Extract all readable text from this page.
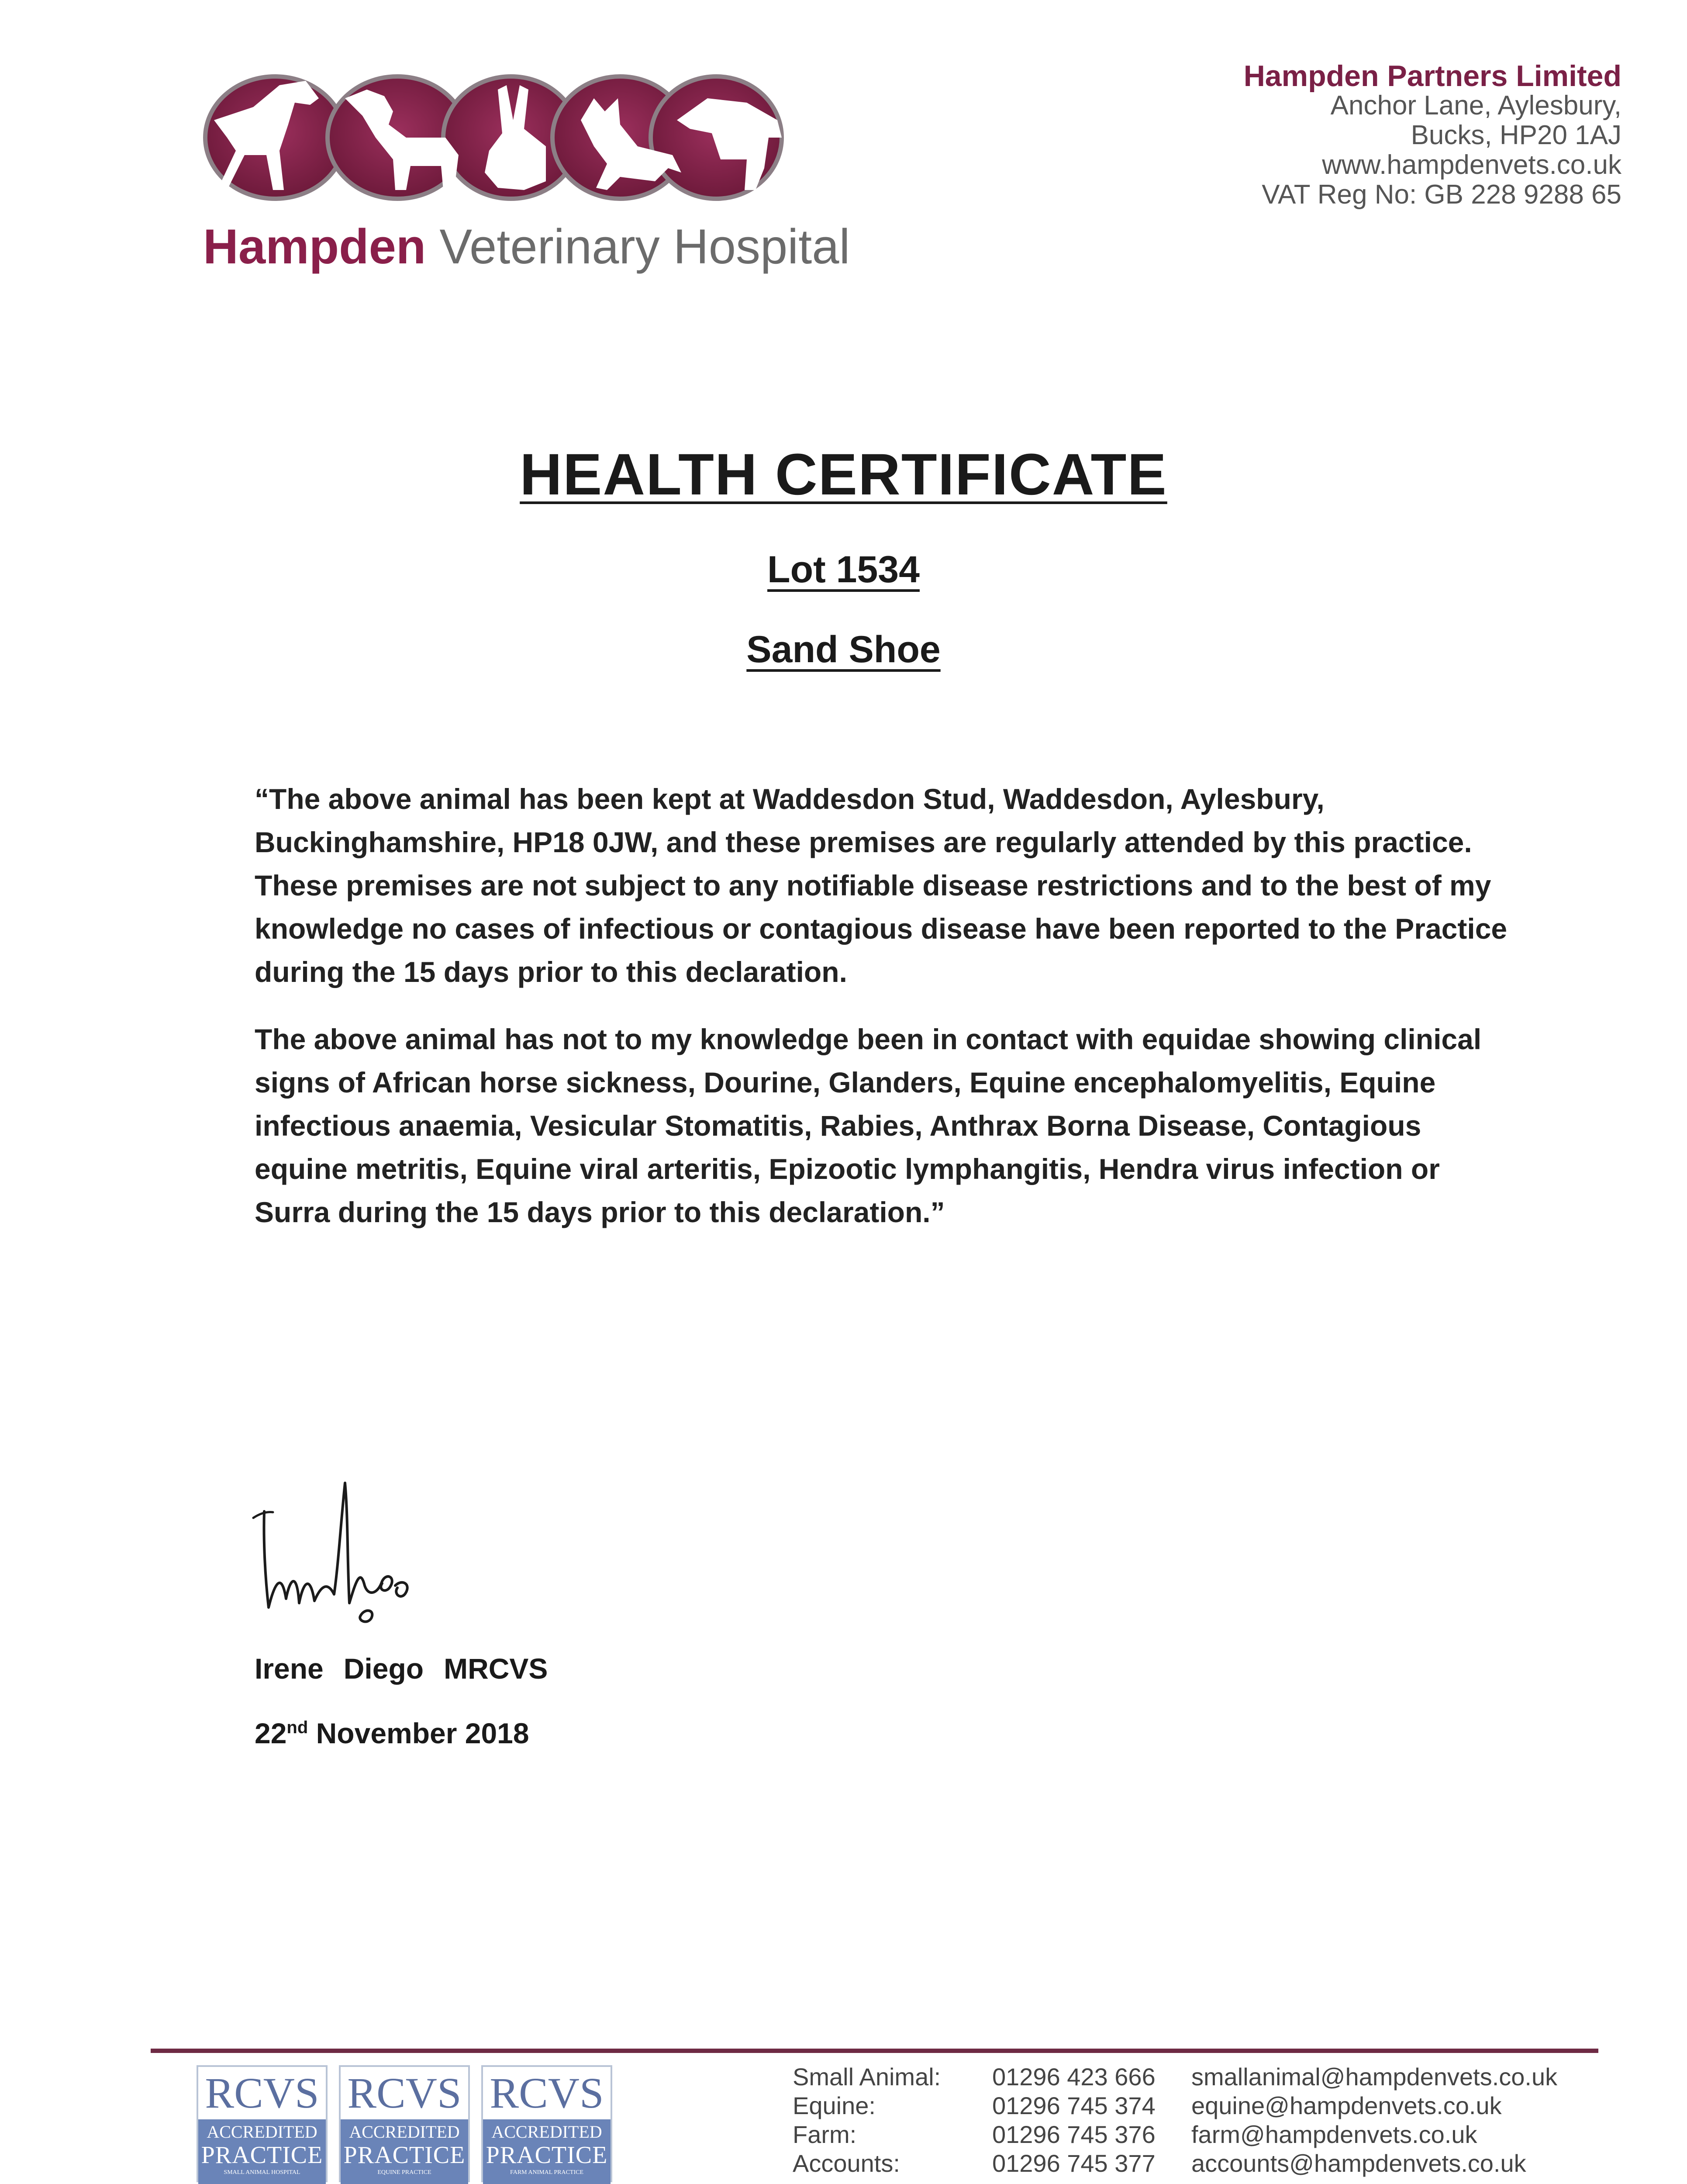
Hampden Veterinary Hospital
Hampden Partners Limited
Anchor Lane, Aylesbury,
Bucks, HP20 1AJ
www.hampdenvets.co.uk
VAT Reg No: GB 228 9288 65
HEALTH CERTIFICATE
Lot 1534
Sand Shoe
“The above animal has been kept at Waddesdon Stud, Waddesdon, Aylesbury, Buckinghamshire, HP18 0JW, and these premises are regularly attended by this practice. These premises are not subject to any notifiable disease restrictions and to the best of my knowledge no cases of infectious or contagious disease have been reported to the Practice during the 15 days prior to this declaration.
The above animal has not to my knowledge been in contact with equidae showing clinical signs of African horse sickness, Dourine, Glanders, Equine encephalomyelitis, Equine infectious anaemia, Vesicular Stomatitis, Rabies, Anthrax Borna Disease, Contagious equine metritis, Equine viral arteritis, Epizootic lymphangitis, Hendra virus infection or Surra during the 15 days prior to this declaration.”
Irene Diego MRCVS
22nd November 2018
RCVS
ACCREDITED
PRACTICE
SMALL ANIMAL HOSPITAL
RCVS
ACCREDITED
PRACTICE
EQUINE PRACTICE
RCVS
ACCREDITED
PRACTICE
FARM ANIMAL PRACTICE
Small Animal:
Equine:
Farm:
Accounts:
01296 423 666
01296 745 374
01296 745 376
01296 745 377
smallanimal@hampdenvets.co.uk
equine@hampdenvets.co.uk
farm@hampdenvets.co.uk
accounts@hampdenvets.co.uk
